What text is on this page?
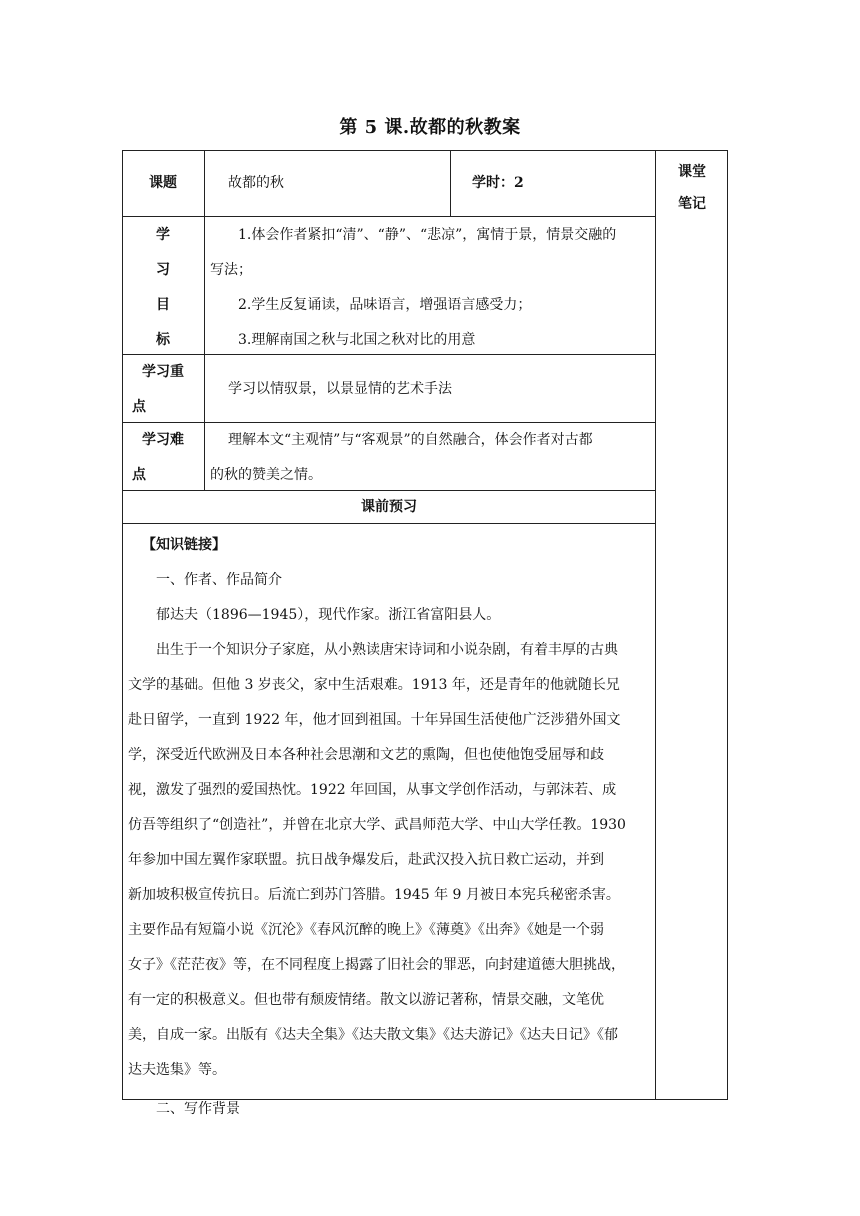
第 5 课.故都的秋教案
课题	故都的秋	学时：2
课堂
笔记
学
习
目
标

1.体会作者紧扣“清”、“静”、“悲凉”，寓情于景，情景交融的

写法；

2.学生反复诵读，品味语言，增强语言感受力；

3.理解南国之秋与北国之秋对比的用意

学习重
点
学习以情驭景，以景显情的艺术手法
学习难
点
理解本文“主观情”与“客观景”的自然融合，体会作者对古都
的秋的赞美之情。
课前预习

【知识链接】

一、作者、作品简介

郁达夫（1896—1945），现代作家。浙江省富阳县人。

出生于一个知识分子家庭，从小熟读唐宋诗词和小说杂剧，有着丰厚的古典

文学的基础。但他 3 岁丧父，家中生活艰难。1913 年，还是青年的他就随长兄

赴日留学，一直到 1922 年，他才回到祖国。十年异国生活使他广泛涉猎外国文

学，深受近代欧洲及日本各种社会思潮和文艺的熏陶，但也使他饱受屈辱和歧

视，激发了强烈的爱国热忱。1922 年回国，从事文学创作活动，与郭沫若、成

仿吾等组织了“创造社”，并曾在北京大学、武昌师范大学、中山大学任教。1930

年参加中国左翼作家联盟。抗日战争爆发后，赴武汉投入抗日救亡运动，并到

新加坡积极宣传抗日。后流亡到苏门答腊。1945 年 9 月被日本宪兵秘密杀害。

主要作品有短篇小说《沉沦》《春风沉醉的晚上》《薄奠》《出奔》《她是一个弱

女子》《茫茫夜》等，在不同程度上揭露了旧社会的罪恶，向封建道德大胆挑战，

有一定的积极意义。但也带有颓废情绪。散文以游记著称，情景交融，文笔优

美，自成一家。出版有《达夫全集》《达夫散文集》《达夫游记》《达夫日记》《郁

达夫选集》等。

二、写作背景
